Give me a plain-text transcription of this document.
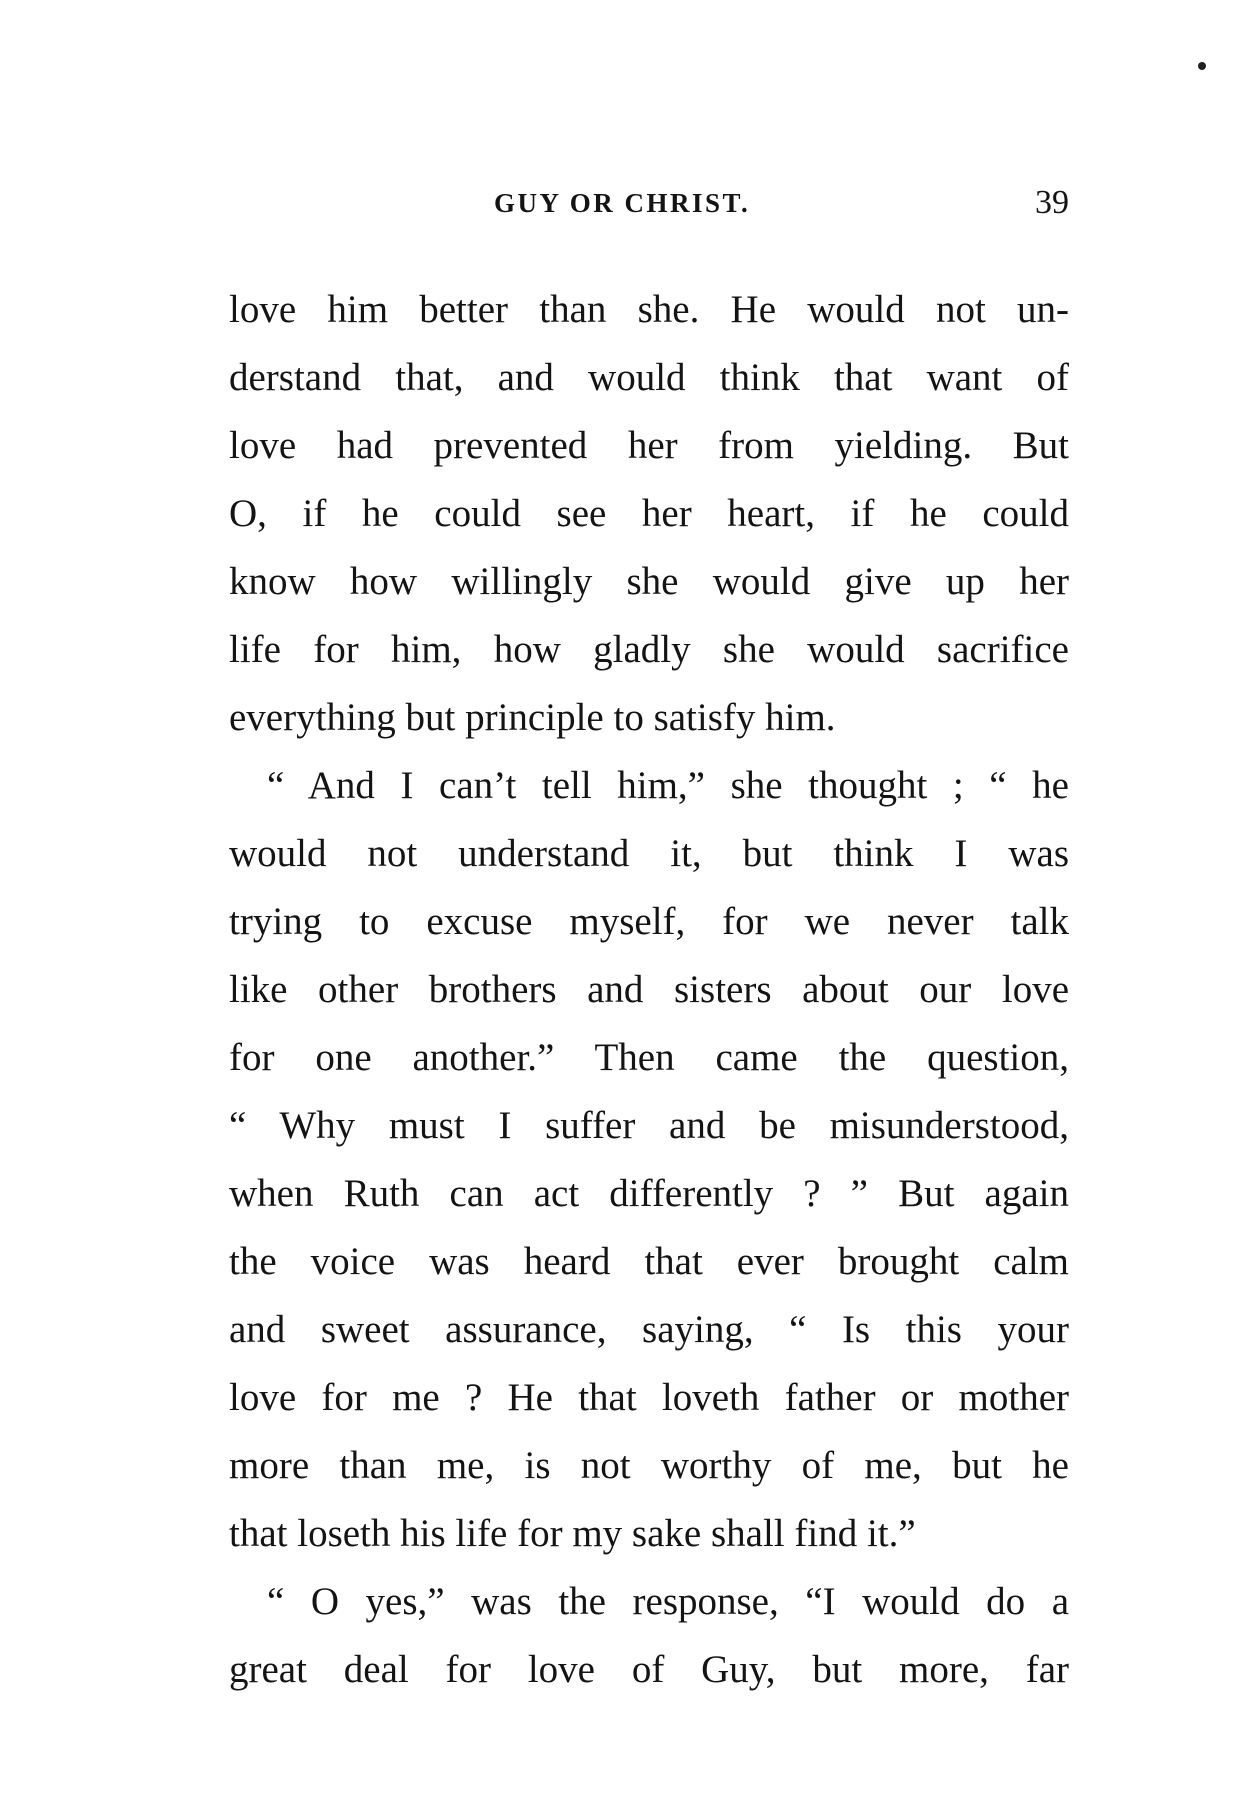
GUY OR CHRIST.	39
love him better than she. He would not un-
derstand that, and would think that want of
love had prevented her from yielding. But
O, if he could see her heart, if he could
know how willingly she would give up her
life for him, how gladly she would sacrifice
everything but principle to satisfy him.
“ And I can’t tell him,” she thought ; “ he
would not understand it, but think I was
trying to excuse myself, for we never talk
like other brothers and sisters about our love
for one another.” Then came the question,
“ Why must I suffer and be misunderstood,
when Ruth can act differently ? ” But again
the voice was heard that ever brought calm
and sweet assurance, saying, “ Is this your
love for me ? He that loveth father or mother
more than me, is not worthy of me, but he
that loseth his life for my sake shall find it.”
“ O yes,” was the response, “I would do a
great deal for love of Guy, but more, far
